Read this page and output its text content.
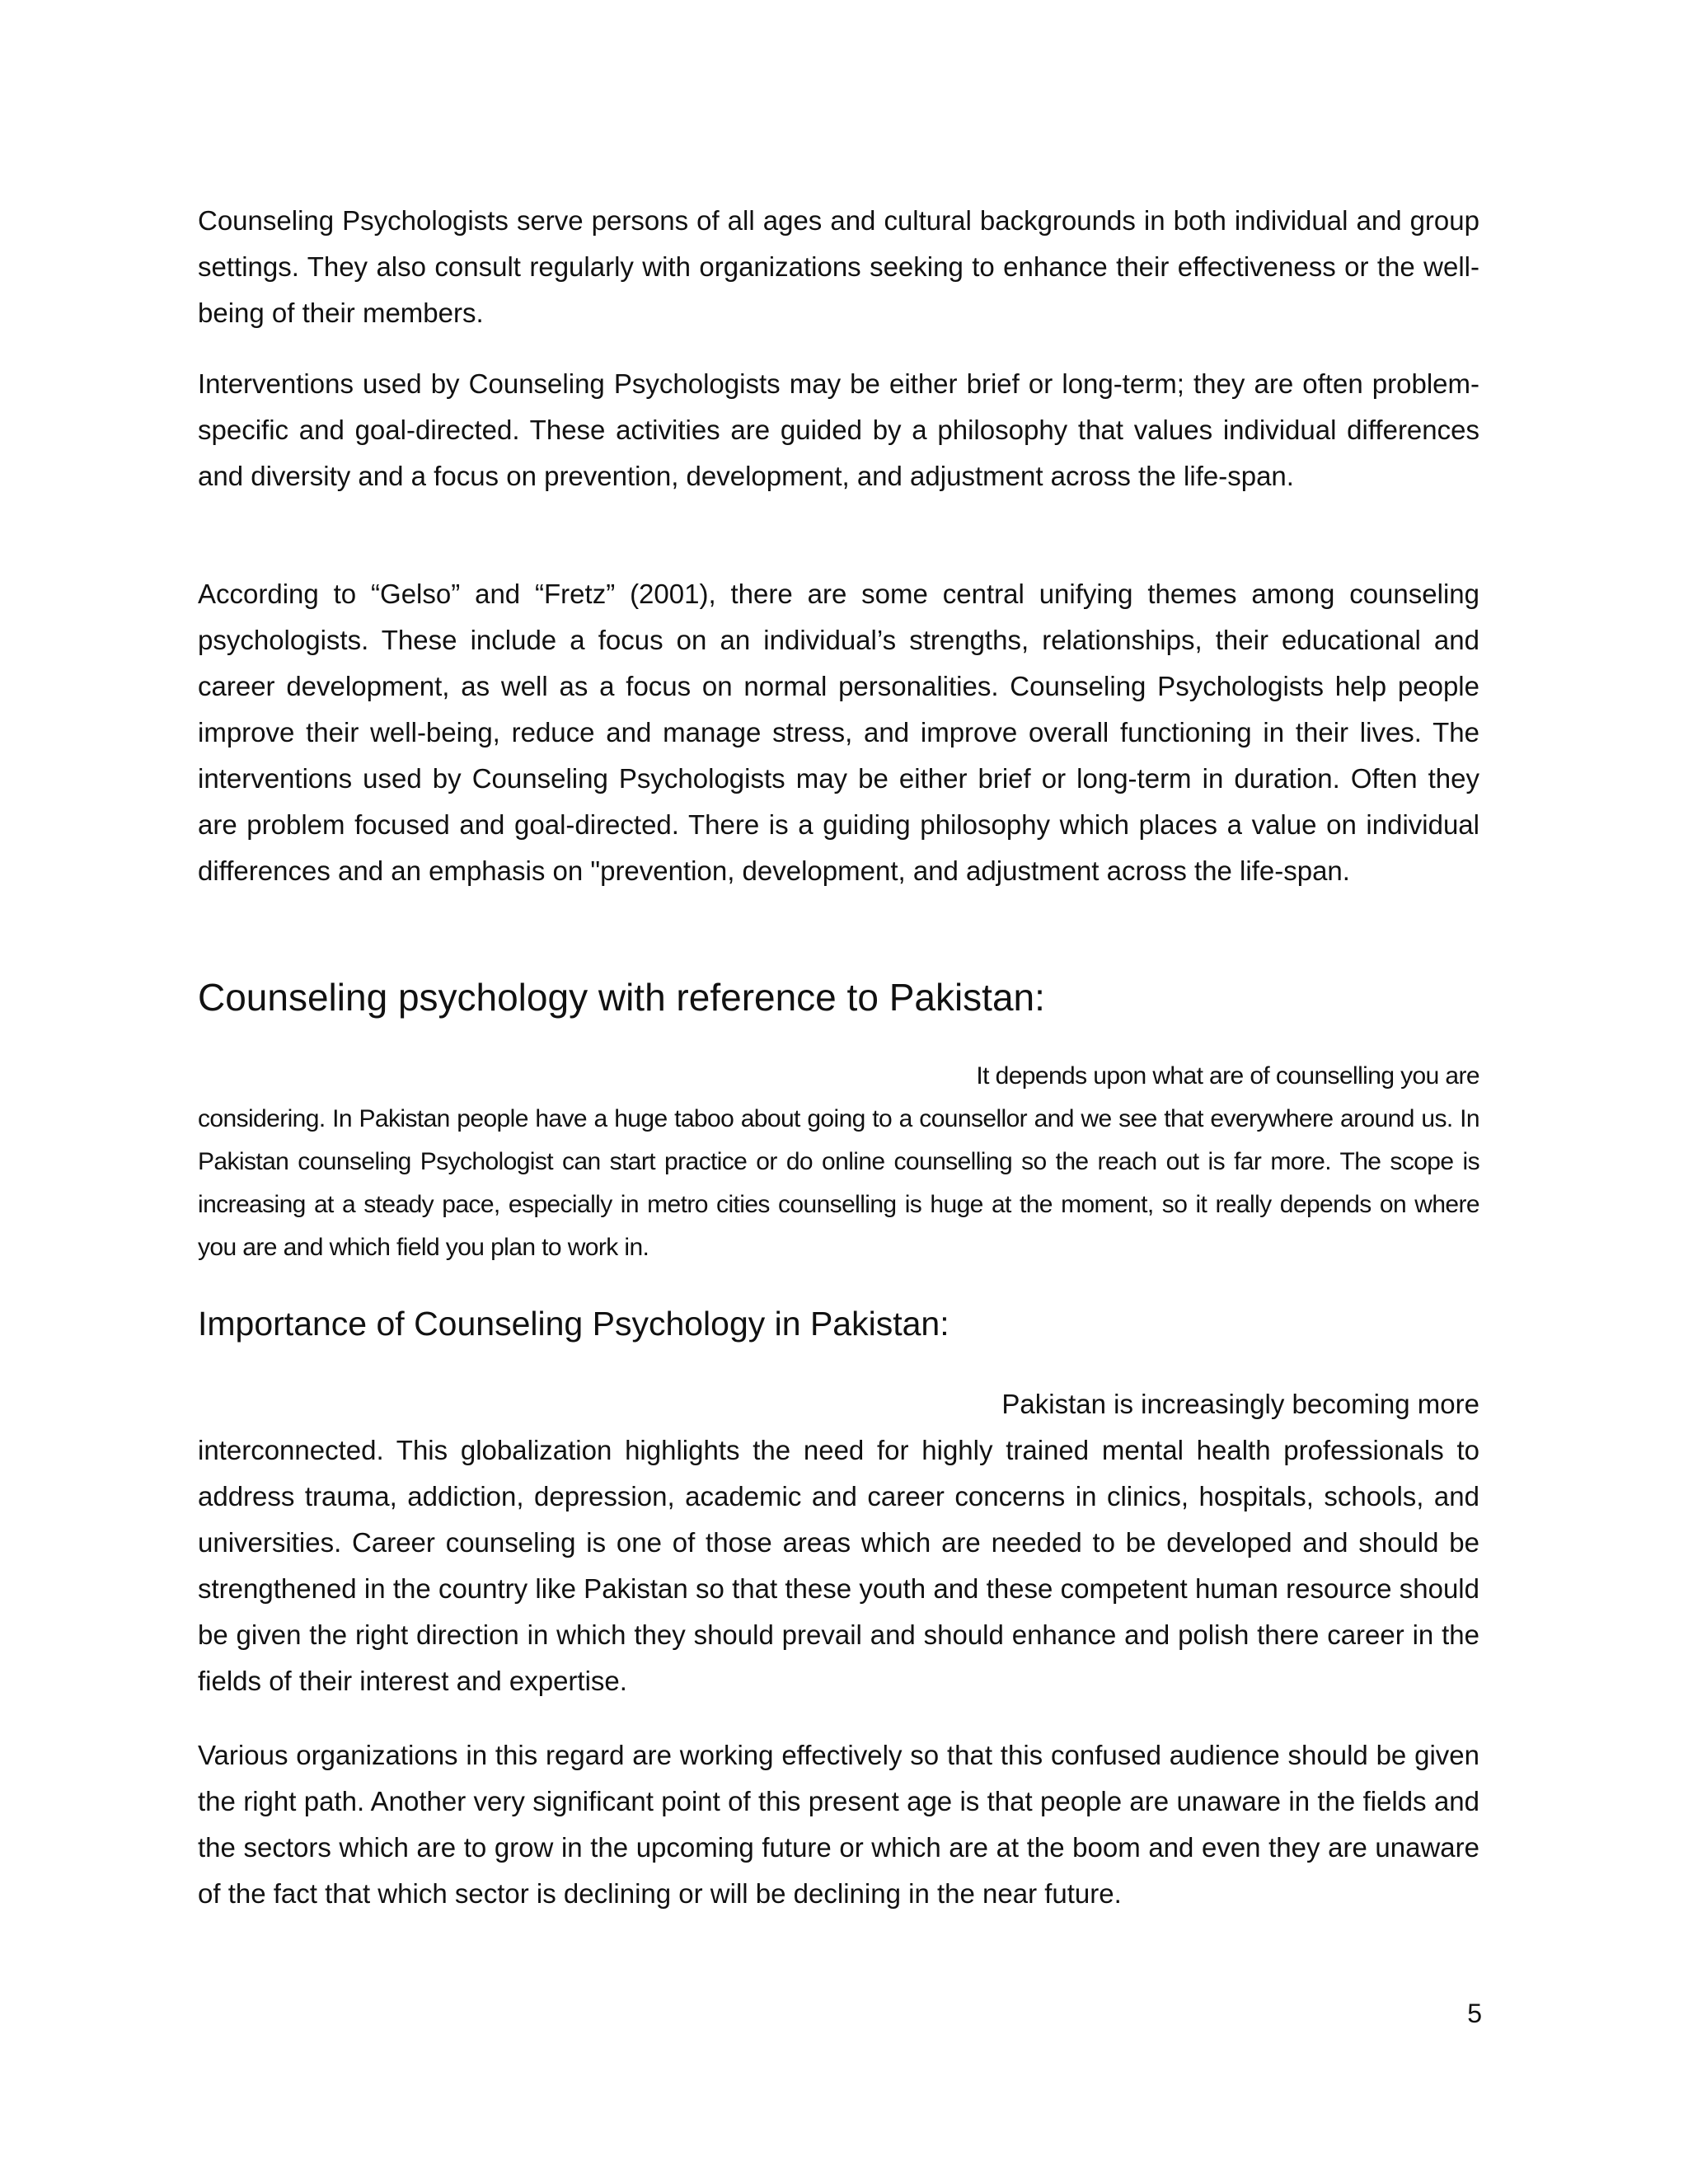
Counseling Psychologists serve persons of all ages and cultural backgrounds in both individual and group settings. They also consult regularly with organizations seeking to enhance their effectiveness or the well-being of their members.

Interventions used by Counseling Psychologists may be either brief or long-term; they are often problem-specific and goal-directed. These activities are guided by a philosophy that values individual differences and diversity and a focus on prevention, development, and adjustment across the life-span.

According to “Gelso” and “Fretz” (2001), there are some central unifying themes among counseling psychologists. These include a focus on an individual’s strengths, relationships, their educational and career development, as well as a focus on normal personalities. Counseling Psychologists help people improve their well-being, reduce and manage stress, and improve overall functioning in their lives. The interventions used by Counseling Psychologists may be either brief or long-term in duration. Often they are problem focused and goal-directed. There is a guiding philosophy which places a value on individual differences and an emphasis on "prevention, development, and adjustment across the life-span.

Counseling psychology with reference to Pakistan:

It depends upon what are of counselling you are
considering. In Pakistan people have a huge taboo about going to a counsellor and we see that everywhere around us. In Pakistan counseling Psychologist can start practice or do online counselling so the reach out is far more. The scope is increasing at a steady pace, especially in metro cities counselling is huge at the moment, so it really depends on where you are and which field you plan to work in.

Importance of Counseling Psychology in Pakistan:

Pakistan is increasingly becoming more
interconnected. This globalization highlights the need for highly trained mental health professionals to address trauma, addiction, depression, academic and career concerns in clinics, hospitals, schools, and universities. Career counseling is one of those areas which are needed to be developed and should be strengthened in the country like Pakistan so that these youth and these competent human resource should be given the right direction in which they should prevail and should enhance and polish there career in the fields of their interest and expertise.

Various organizations in this regard are working effectively so that this confused audience should be given the right path. Another very significant point of this present age is that people are unaware in the fields and the sectors which are to grow in the upcoming future or which are at the boom and even they are unaware of the fact that which sector is declining or will be declining in the near future.

5
